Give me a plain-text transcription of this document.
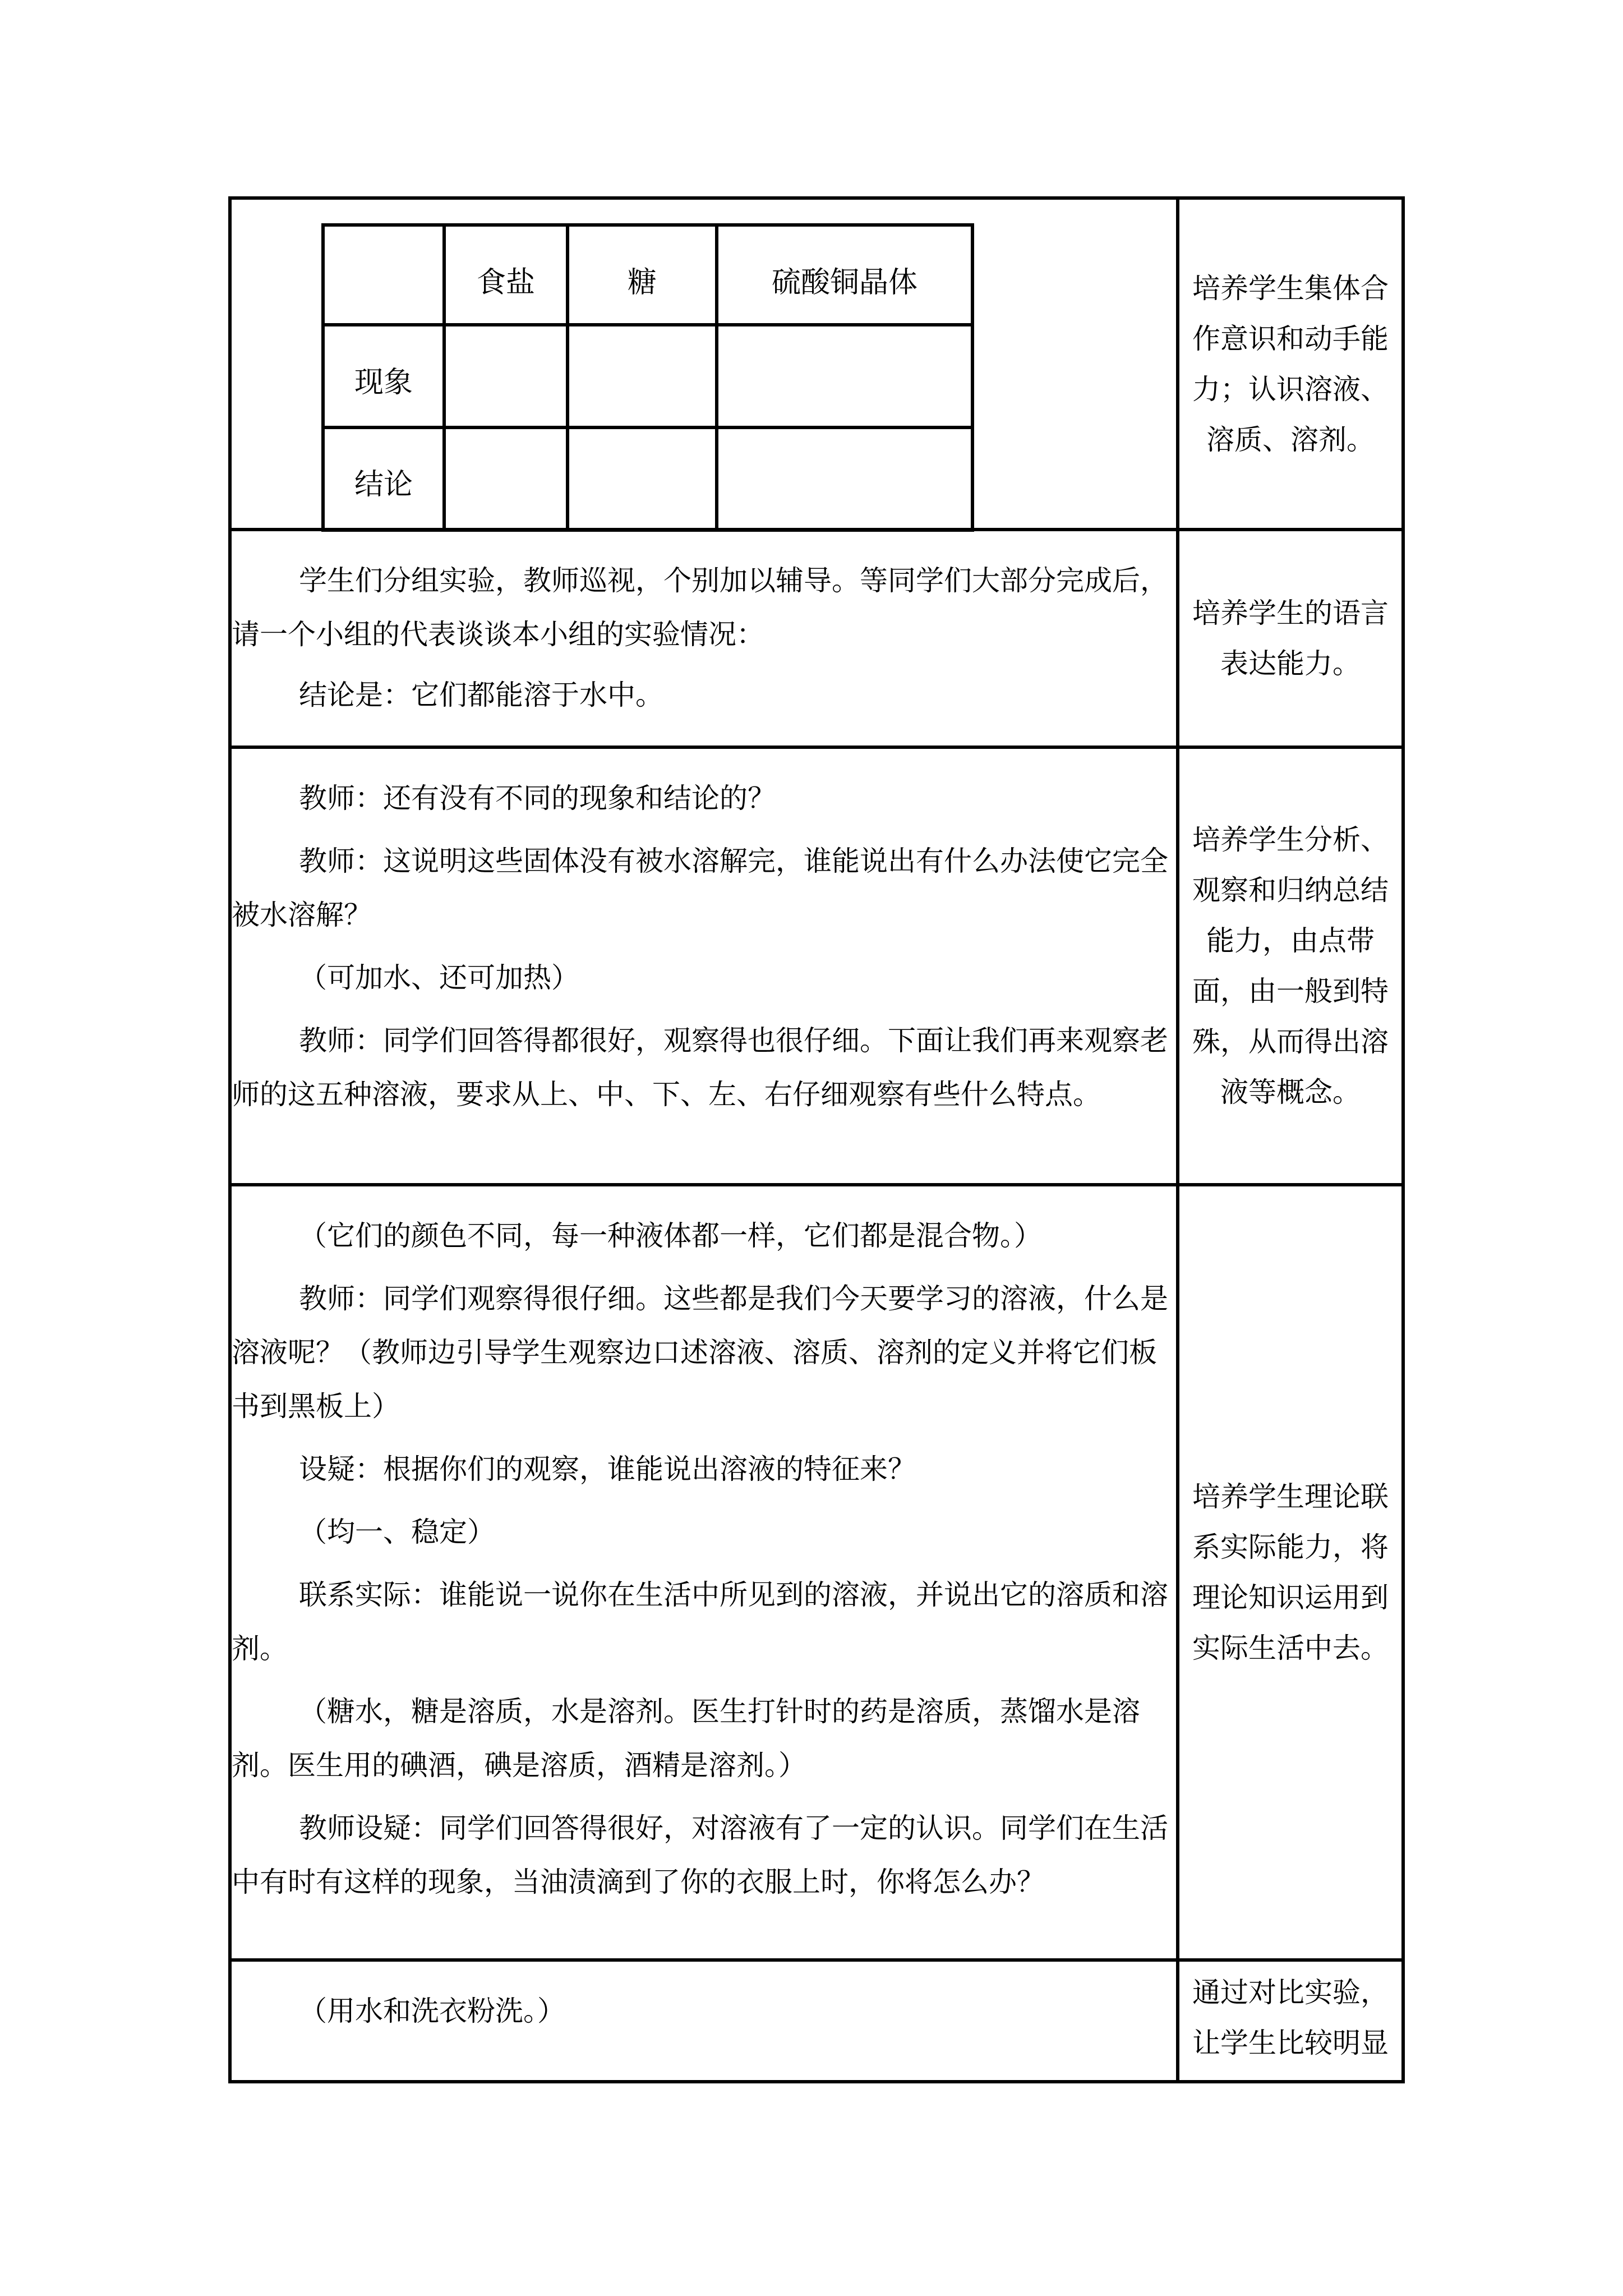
食盐	糖	硫酸铜晶体
现象
结论
培养学生集体合作意识和动手能力；认识溶液、溶质、溶剂。

学生们分组实验，教师巡视，个别加以辅导。等同学们大部分完成后，请一个小组的代表谈谈本小组的实验情况：

结论是：它们都能溶于水中。

培养学生的语言表达能力。

教师：还有没有不同的现象和结论的？

教师：这说明这些固体没有被水溶解完，谁能说出有什么办法使它完全被水溶解？

（可加水、还可加热）

教师：同学们回答得都很好，观察得也很仔细。下面让我们再来观察老师的这五种溶液，要求从上、中、下、左、右仔细观察有些什么特点。

培养学生分析、观察和归纳总结能力，由点带面，由一般到特殊，从而得出溶液等概念。

（它们的颜色不同，每一种液体都一样，它们都是混合物。）

教师：同学们观察得很仔细。这些都是我们今天要学习的溶液，什么是溶液呢？（教师边引导学生观察边口述溶液、溶质、溶剂的定义并将它们板书到黑板上）

设疑：根据你们的观察，谁能说出溶液的特征来？

（均一、稳定）

联系实际：谁能说一说你在生活中所见到的溶液，并说出它的溶质和溶剂。

（糖水，糖是溶质，水是溶剂。医生打针时的药是溶质，蒸馏水是溶剂。医生用的碘酒，碘是溶质，酒精是溶剂。）

教师设疑：同学们回答得很好，对溶液有了一定的认识。同学们在生活中有时有这样的现象，当油渍滴到了你的衣服上时，你将怎么办？

培养学生理论联系实际能力，将理论知识运用到实际生活中去。

（用水和洗衣粉洗。）

通过对比实验，让学生比较明显
